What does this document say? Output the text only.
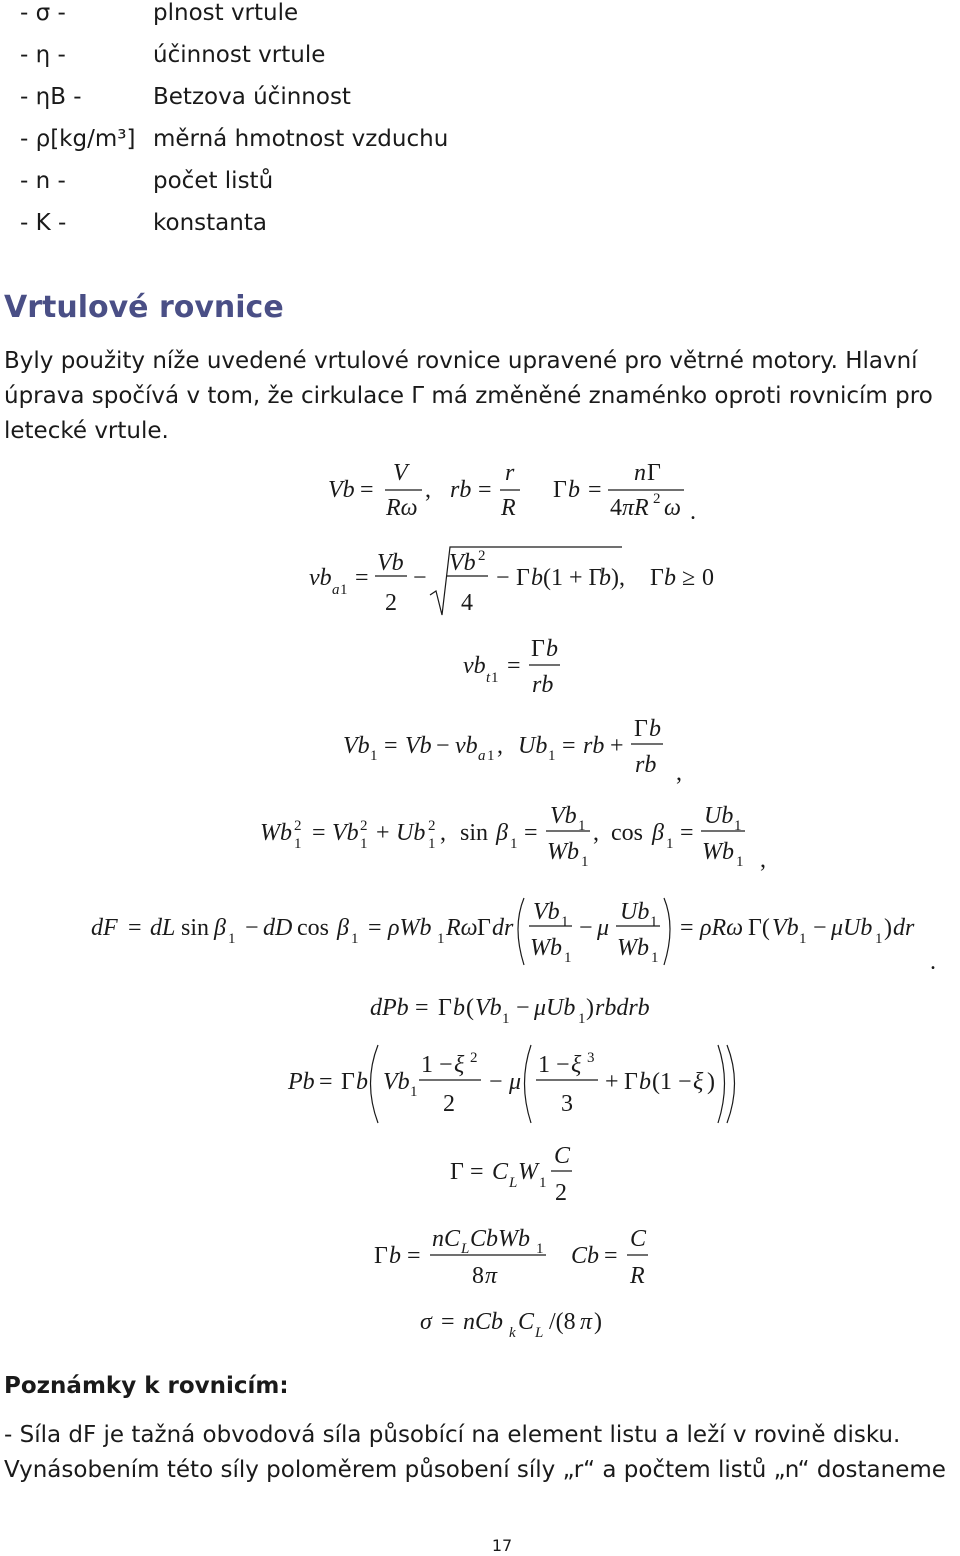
- σ -	plnost vrtule
- η -	účinnost vrtule
- ηB -	Betzova účinnost
- ρ[kg/m³] měrná hmotnost vzduchu
- n -	počet listů
- K -	konstanta
Vrtulové rovnice
Byly použity níže uvedené vrtulové rovnice upravené pro větrné motory. Hlavní úprava spočívá v tom, že cirkulace Γ má změněné znaménko oproti rovnicím pro letecké vrtule.
Vb =
V
Rω
, rb =
r
R
Γ b =
n Γ
4 πR 2 ω .
vb a 1 =
Vb
2
−
Vb 2
4
− Γ b (1 + Γ
b ), Γ b ≥ 0
vb t 1 =
Γ b
rb
Vb 1 = Vb − vb a 1 , Ub 1 = rb +
Γ b
rb ,
Wb 2
1 = Vb 2
1 + Ub 2
1 , sin β 1 =
Vb 1
Wb 1
, cos β 1 =
Ub 1
Wb 1 ,
dF = dL sin β 1 − dD cos β 1 = ρWb 1 Rω Γ dr
Vb 1
Wb 1
− μ
Ub 1
Wb 1
= ρRω Γ( Vb 1 − μUb 1 ) dr
.
dPb = Γ b ( Vb 1 − μUb 1 ) rbdrb
Pb = Γ b Vb 1
1 − ξ 2
2
− μ
1 − ξ 3
3
+ Γ b (1 − ξ )
Γ = C L W 1
C
2
Γ b =
nC L CbWb 1
8 π
Cb =
C
R
σ = nCb k C L /(8 π )
Poznámky k rovnicím:
- Síla dF je tažná obvodová síla působící na element listu a leží v rovině disku.
Vynásobením této síly poloměrem působení síly „r“ a počtem listů „n“ dostaneme
17
